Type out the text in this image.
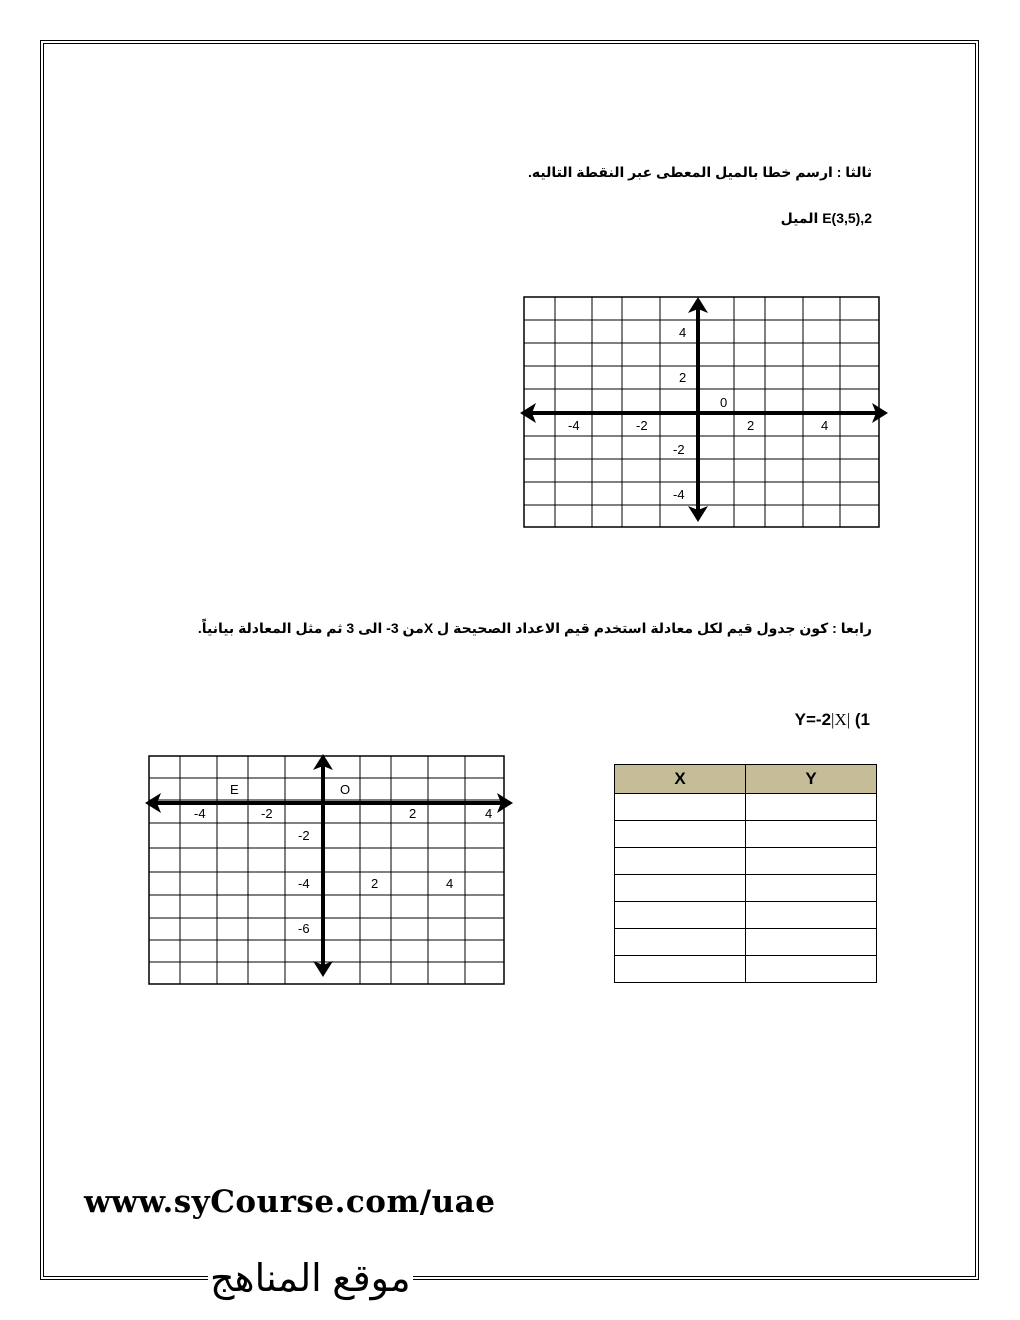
ثالثا : ارسم خطا بالميل المعطى عبر النقطة التاليه.
E(3,5),2 الميل
0
-4	-2	2	4
4
2
-2
-4
E	O
-4	-2	2	4
-2
-4
-6
2	4
رابعا : كون جدول قيم لكل معادلة استخدم قيم الاعداد الصحيحة ل Xمن 3- الى 3 ثم مثل المعادلة بيانياً.
Y=-2|X| (1
X	Y

www.syCourse.com/uae
موقع المناهج
